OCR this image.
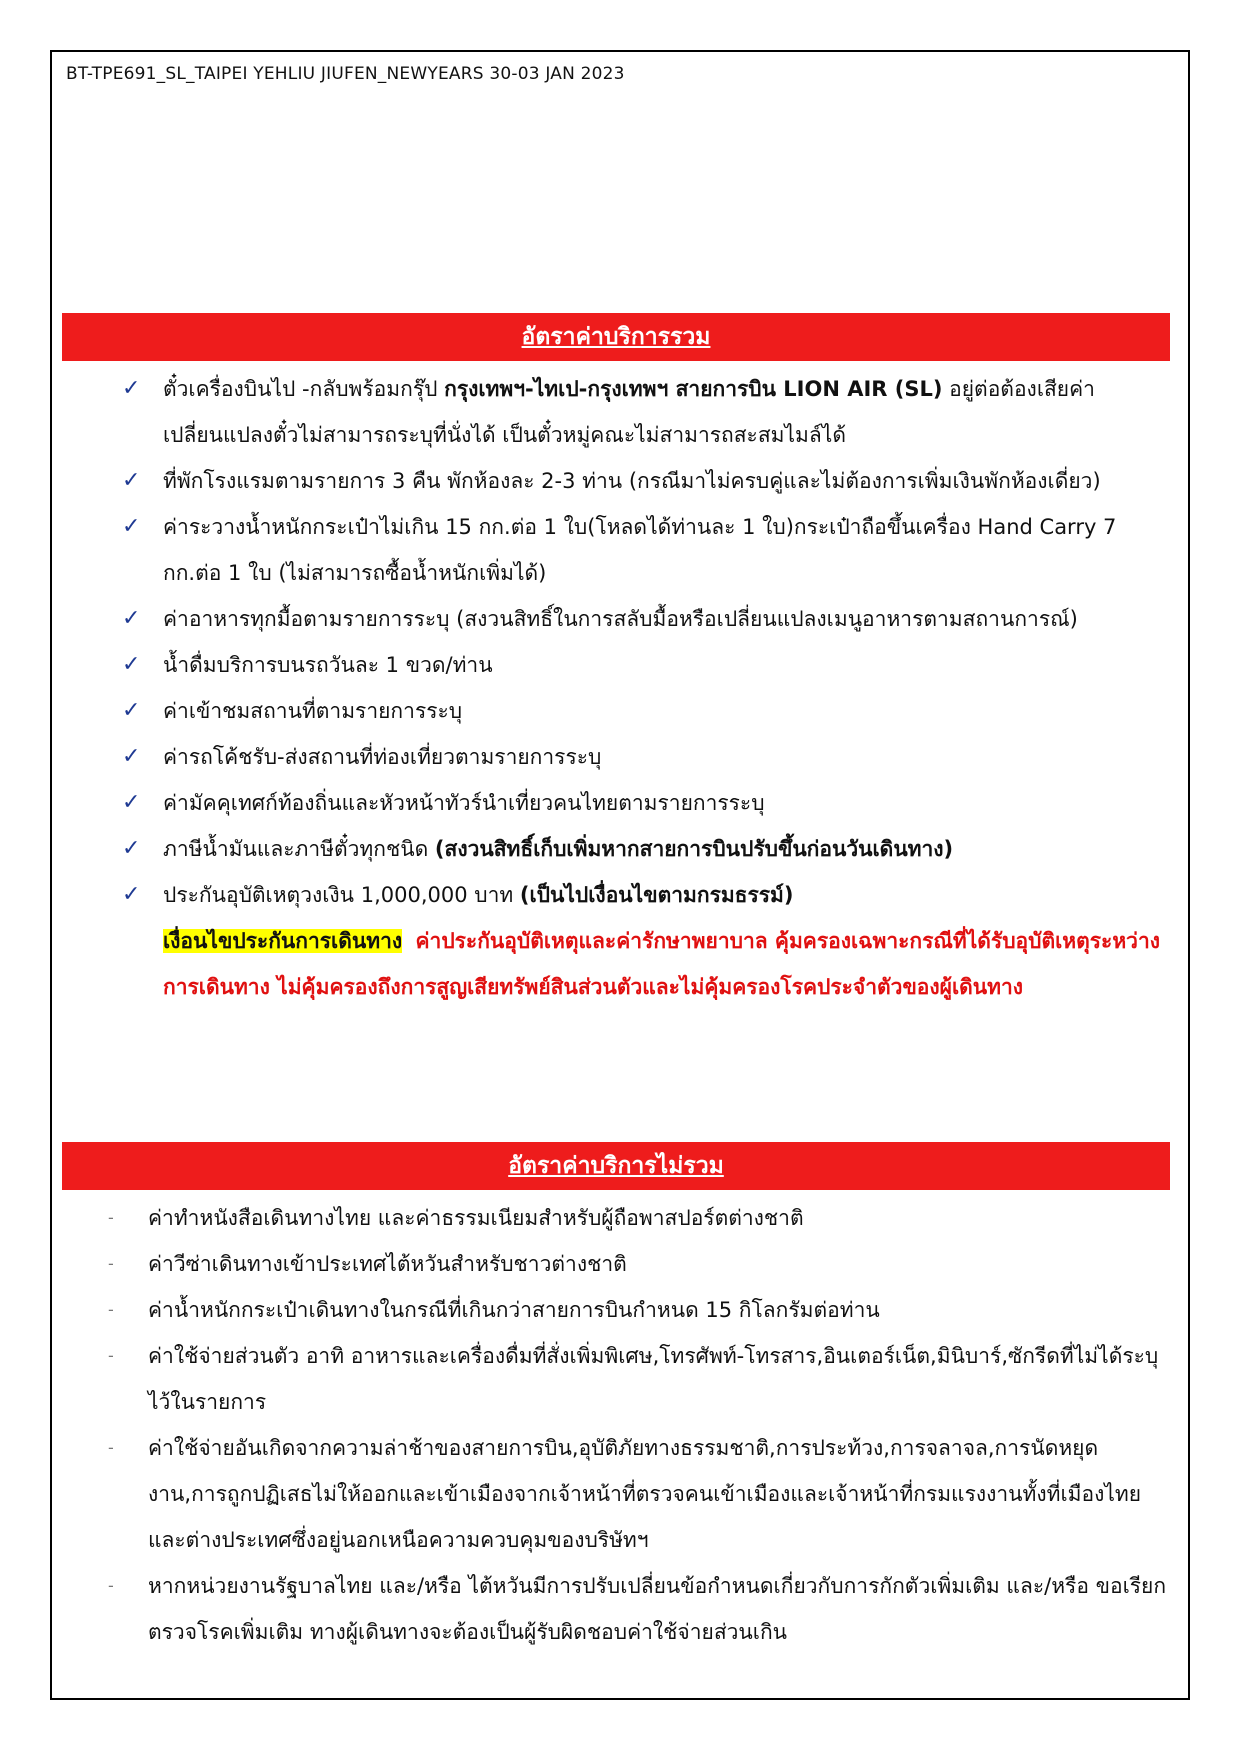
BT-TPE691_SL_TAIPEI YEHLIU JIUFEN_NEWYEARS 30-03 JAN 2023
อัตราค่าบริการรวม
✓ ตั๋วเครื่องบินไป -กลับพร้อมกรุ๊ป กรุงเทพฯ-ไทเป-กรุงเทพฯ สายการบิน LION AIR (SL) อยู่ต่อต้องเสียค่าเปลี่ยนแปลงตั๋วไม่สามารถระบุที่นั่งได้ เป็นตั๋วหมู่คณะไม่สามารถสะสมไมล์ได้
✓ ที่พักโรงแรมตามรายการ 3 คืน พักห้องละ 2-3 ท่าน (กรณีมาไม่ครบคู่และไม่ต้องการเพิ่มเงินพักห้องเดี่ยว)
✓ ค่าระวางน้ำหนักกระเป๋าไม่เกิน 15 กก.ต่อ 1 ใบ(โหลดได้ท่านละ 1 ใบ)กระเป๋าถือขึ้นเครื่อง Hand Carry 7 กก.ต่อ 1 ใบ (ไม่สามารถซื้อน้ำหนักเพิ่มได้)
✓ ค่าอาหารทุกมื้อตามรายการระบุ (สงวนสิทธิ์ในการสลับมื้อหรือเปลี่ยนแปลงเมนูอาหารตามสถานการณ์)
✓ น้ำดื่มบริการบนรถวันละ 1 ขวด/ท่าน
✓ ค่าเข้าชมสถานที่ตามรายการระบุ
✓ ค่ารถโค้ชรับ-ส่งสถานที่ท่องเที่ยวตามรายการระบุ
✓ ค่ามัคคุเทศก์ท้องถิ่นและหัวหน้าทัวร์นำเที่ยวคนไทยตามรายการระบุ
✓ ภาษีน้ำมันและภาษีตั๋วทุกชนิด (สงวนสิทธิ์เก็บเพิ่มหากสายการบินปรับขึ้นก่อนวันเดินทาง)
✓ ประกันอุบัติเหตุวงเงิน 1,000,000 บาท (เป็นไปเงื่อนไขตามกรมธรรม์)
เงื่อนไขประกันการเดินทาง ค่าประกันอุบัติเหตุและค่ารักษาพยาบาล คุ้มครองเฉพาะกรณีที่ได้รับอุบัติเหตุระหว่างการเดินทาง ไม่คุ้มครองถึงการสูญเสียทรัพย์สินส่วนตัวและไม่คุ้มครองโรคประจำตัวของผู้เดินทาง
อัตราค่าบริการไม่รวม
- ค่าทำหนังสือเดินทางไทย และค่าธรรมเนียมสำหรับผู้ถือพาสปอร์ตต่างชาติ
- ค่าวีซ่าเดินทางเข้าประเทศไต้หวันสำหรับชาวต่างชาติ
- ค่าน้ำหนักกระเป๋าเดินทางในกรณีที่เกินกว่าสายการบินกำหนด 15 กิโลกรัมต่อท่าน
- ค่าใช้จ่ายส่วนตัว อาทิ อาหารและเครื่องดื่มที่สั่งเพิ่มพิเศษ,โทรศัพท์-โทรสาร,อินเตอร์เน็ต,มินิบาร์,ซักรีดที่ไม่ได้ระบุไว้ในรายการ
- ค่าใช้จ่ายอันเกิดจากความล่าช้าของสายการบิน,อุบัติภัยทางธรรมชาติ,การประท้วง,การจลาจล,การนัดหยุดงาน,การถูกปฏิเสธไม่ให้ออกและเข้าเมืองจากเจ้าหน้าที่ตรวจคนเข้าเมืองและเจ้าหน้าที่กรมแรงงานทั้งที่เมืองไทยและต่างประเทศซึ่งอยู่นอกเหนือความควบคุมของบริษัทฯ
- หากหน่วยงานรัฐบาลไทย และ/หรือ ไต้หวันมีการปรับเปลี่ยนข้อกำหนดเกี่ยวกับการกักตัวเพิ่มเติม และ/หรือ ขอเรียกตรวจโรคเพิ่มเติม ทางผู้เดินทางจะต้องเป็นผู้รับผิดชอบค่าใช้จ่ายส่วนเกิน
